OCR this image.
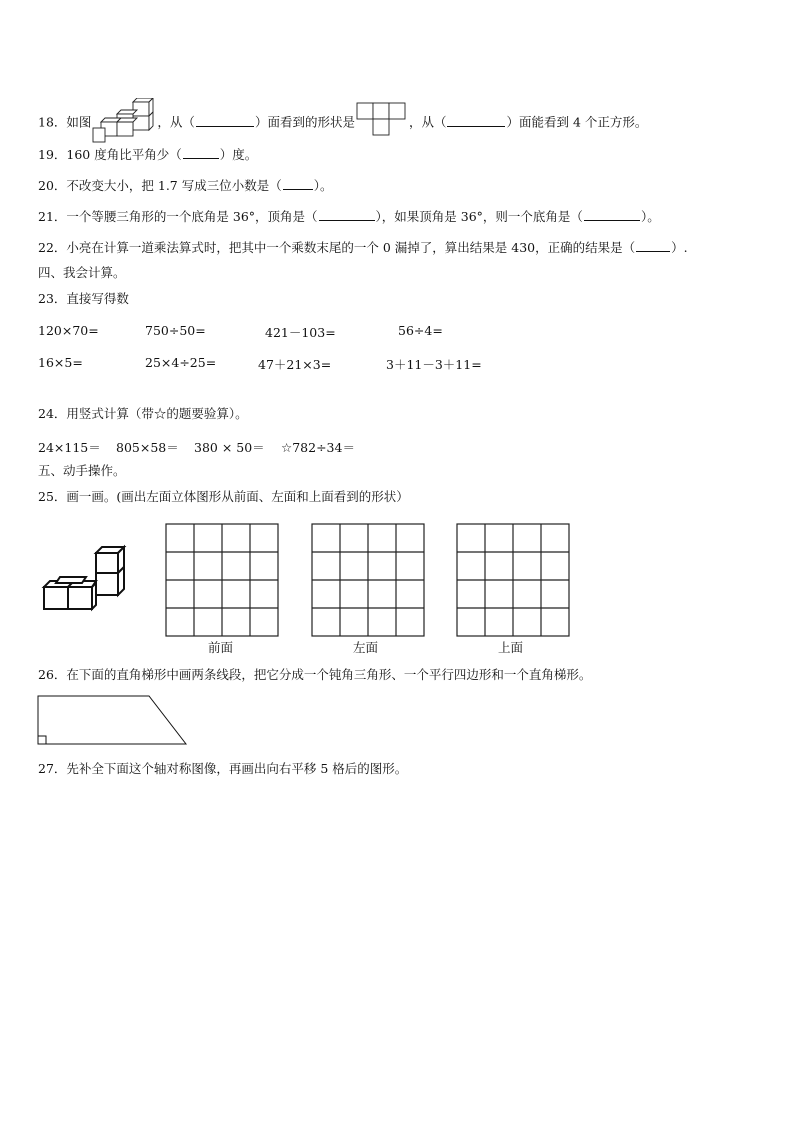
18．如图	，从（	）面看到的形状是	，从（	）面能看到 4 个正方形。
19．160 度角比平角少（	）度。
20．不改变大小，把 1.7 写成三位小数是（	）。
21．一个等腰三角形的一个底角是 36°，顶角是（	），如果顶角是 36°，则一个底角是（	）。
22．小亮在计算一道乘法算式时，把其中一个乘数末尾的一个 0 漏掉了，算出结果是 430，正确的结果是（	）.
四、我会计算。
23．直接写得数
120×70=	750÷50=	421－103=	56÷4=
16×5=	25×4÷25=	47＋21×3=	3＋11－3＋11=
24．用竖式计算（带☆的题要验算）。
24×115＝ 805×58＝ 380 × 50＝ ☆782÷34＝
五、动手操作。
25．画一画。(画出左面立体图形从前面、左面和上面看到的形状）
前面	左面	上面
26．在下面的直角梯形中画两条线段，把它分成一个钝角三角形、一个平行四边形和一个直角梯形。
27．先补全下面这个轴对称图像，再画出向右平移 5 格后的图形。
